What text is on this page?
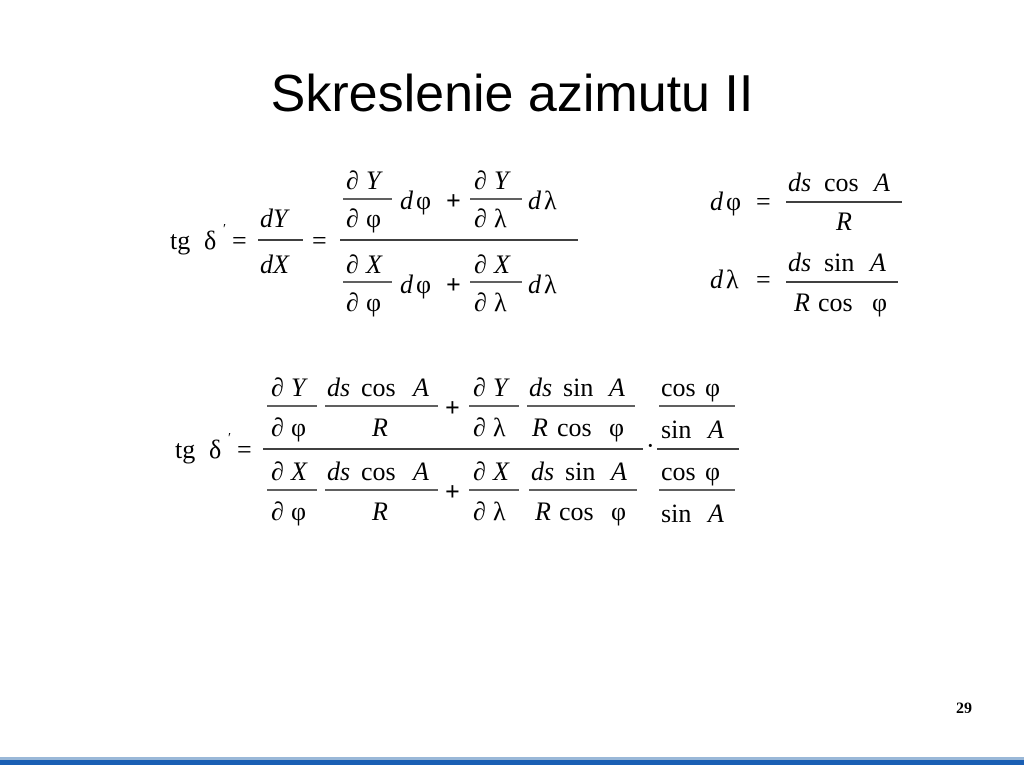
Skreslenie azimutu II
tg δ ′ =
dY
dX
=
∂ Y
∂ φ
d φ +
∂ Y
∂ λ
d λ
∂ X
∂ φ
d φ +
∂ X
∂ λ
d λ
d φ =
ds cos A
R
d λ =
ds sin A
R cos φ
tg δ ′ =
∂ Y
∂ φ
ds cos A
R
+
∂ Y
∂ λ
ds sin A
R cos φ
∂ X
∂ φ
ds cos A
R
+
∂ X
∂ λ
ds sin A
R cos φ
·
cos φ
sin A
cos φ
sin A
29
